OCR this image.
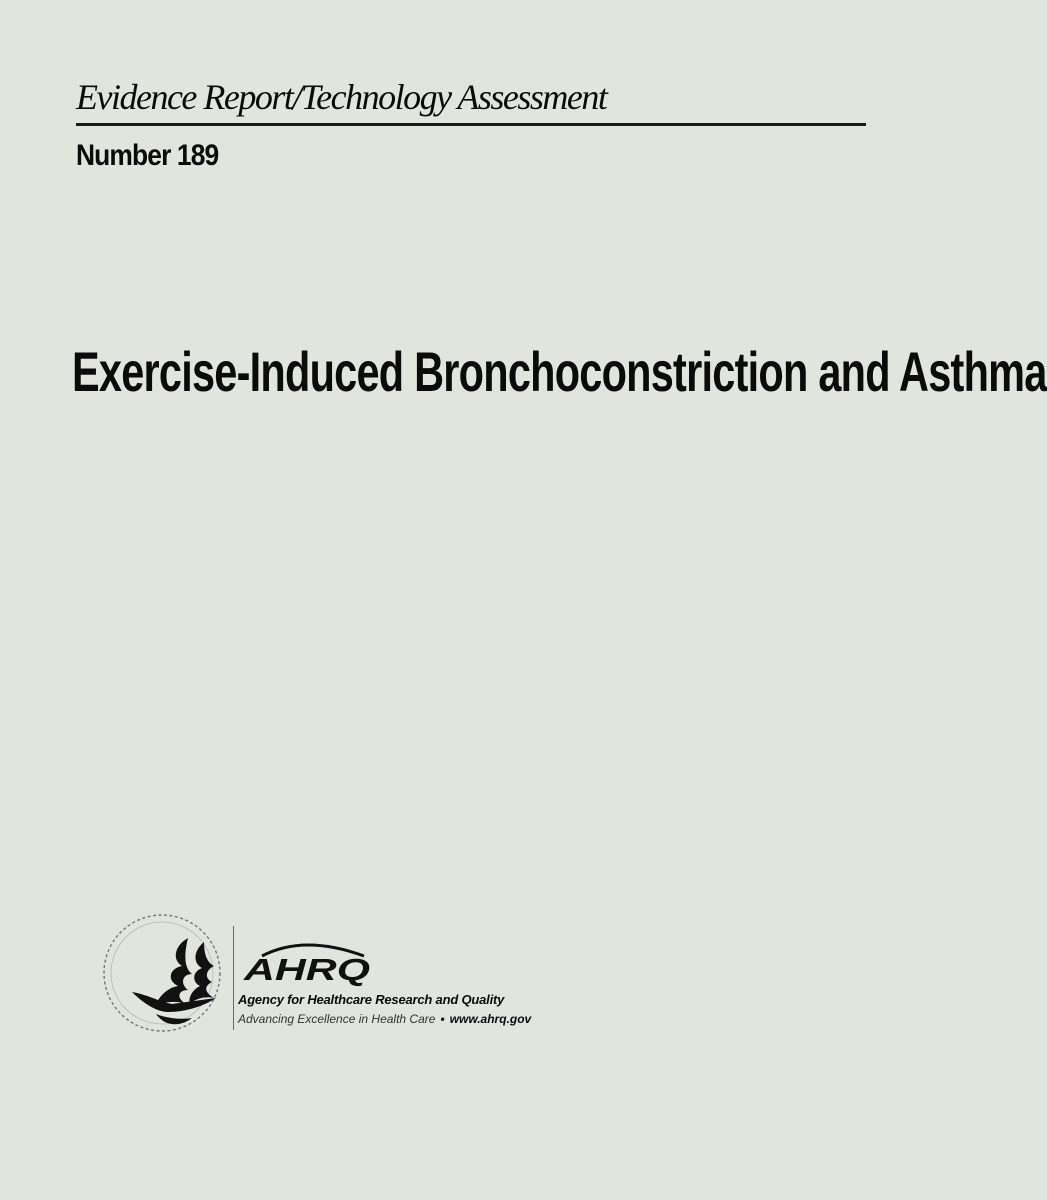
Evidence Report/Technology Assessment
Number 189
Exercise-Induced Bronchoconstriction and Asthma
AHRQ
Agency for Healthcare Research and Quality
Advancing Excellence in Health Care • www.ahrq.gov
